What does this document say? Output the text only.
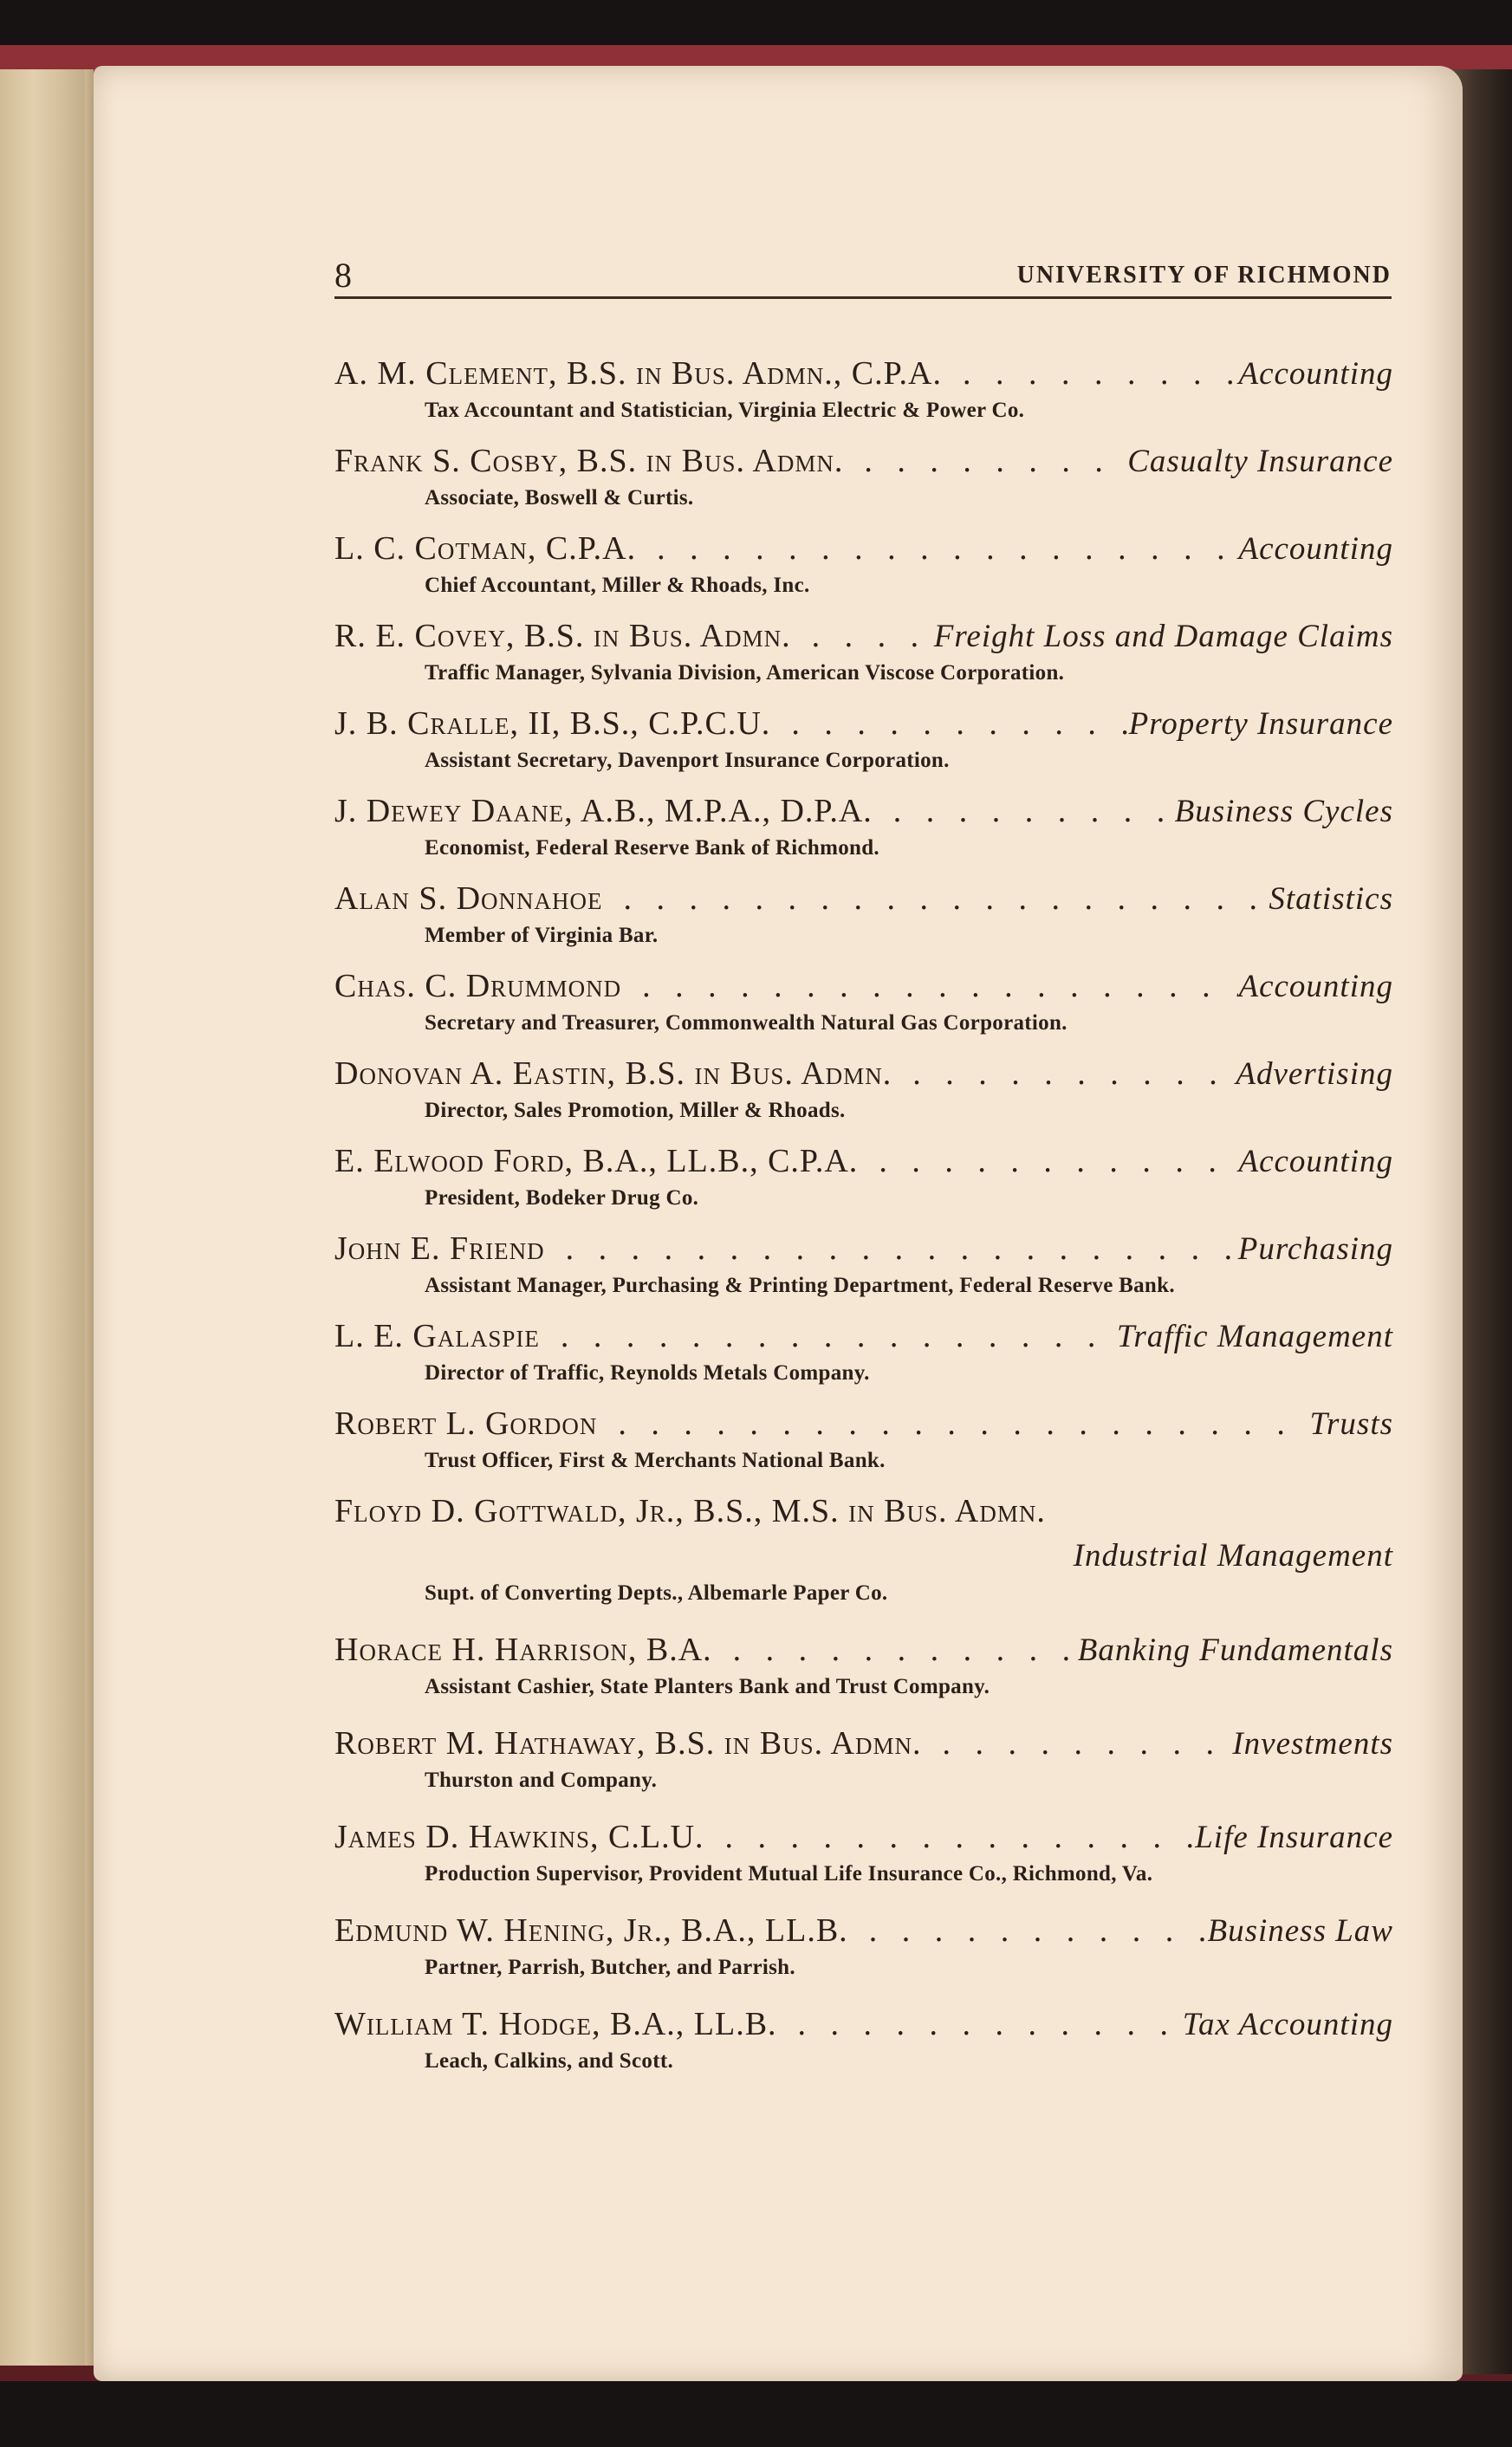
8	UNIVERSITY OF RICHMOND
A. M. Clement, B.S. in Bus. Admn., C.P.A. . .	Accounting
Tax Accountant and Statistician, Virginia Electric & Power Co.
Frank S. Cosby, B.S. in Bus. Admn. . .	Casualty Insurance
Associate, Boswell & Curtis.
L. C. Cotman, C.P.A. . .	Accounting
Chief Accountant, Miller & Rhoads, Inc.
R. E. Covey, B.S. in Bus. Admn. . .	Freight Loss and Damage Claims
Traffic Manager, Sylvania Division, American Viscose Corporation.
J. B. Cralle, II, B.S., C.P.C.U. . .	Property Insurance
Assistant Secretary, Davenport Insurance Corporation.
J. Dewey Daane, A.B., M.P.A., D.P.A. . .	Business Cycles
Economist, Federal Reserve Bank of Richmond.
Alan S. Donnahoe . .	Statistics
Member of Virginia Bar.
Chas. C. Drummond . .	Accounting
Secretary and Treasurer, Commonwealth Natural Gas Corporation.
Donovan A. Eastin, B.S. in Bus. Admn. . .	Advertising
Director, Sales Promotion, Miller & Rhoads.
E. Elwood Ford, B.A., LL.B., C.P.A. . .	Accounting
President, Bodeker Drug Co.
John E. Friend . .	Purchasing
Assistant Manager, Purchasing & Printing Department, Federal Reserve Bank.
L. E. Galaspie . .	Traffic Management
Director of Traffic, Reynolds Metals Company.
Robert L. Gordon . .	Trusts
Trust Officer, First & Merchants National Bank.
Floyd D. Gottwald, Jr., B.S., M.S. in Bus. Admn.
Industrial Management
Supt. of Converting Depts., Albemarle Paper Co.
Horace H. Harrison, B.A. . .	Banking Fundamentals
Assistant Cashier, State Planters Bank and Trust Company.
Robert M. Hathaway, B.S. in Bus. Admn. . .	Investments
Thurston and Company.
James D. Hawkins, C.L.U. . .	Life Insurance
Production Supervisor, Provident Mutual Life Insurance Co., Richmond, Va.
Edmund W. Hening, Jr., B.A., LL.B. . .	Business Law
Partner, Parrish, Butcher, and Parrish.
William T. Hodge, B.A., LL.B. . .	Tax Accounting
Leach, Calkins, and Scott.
